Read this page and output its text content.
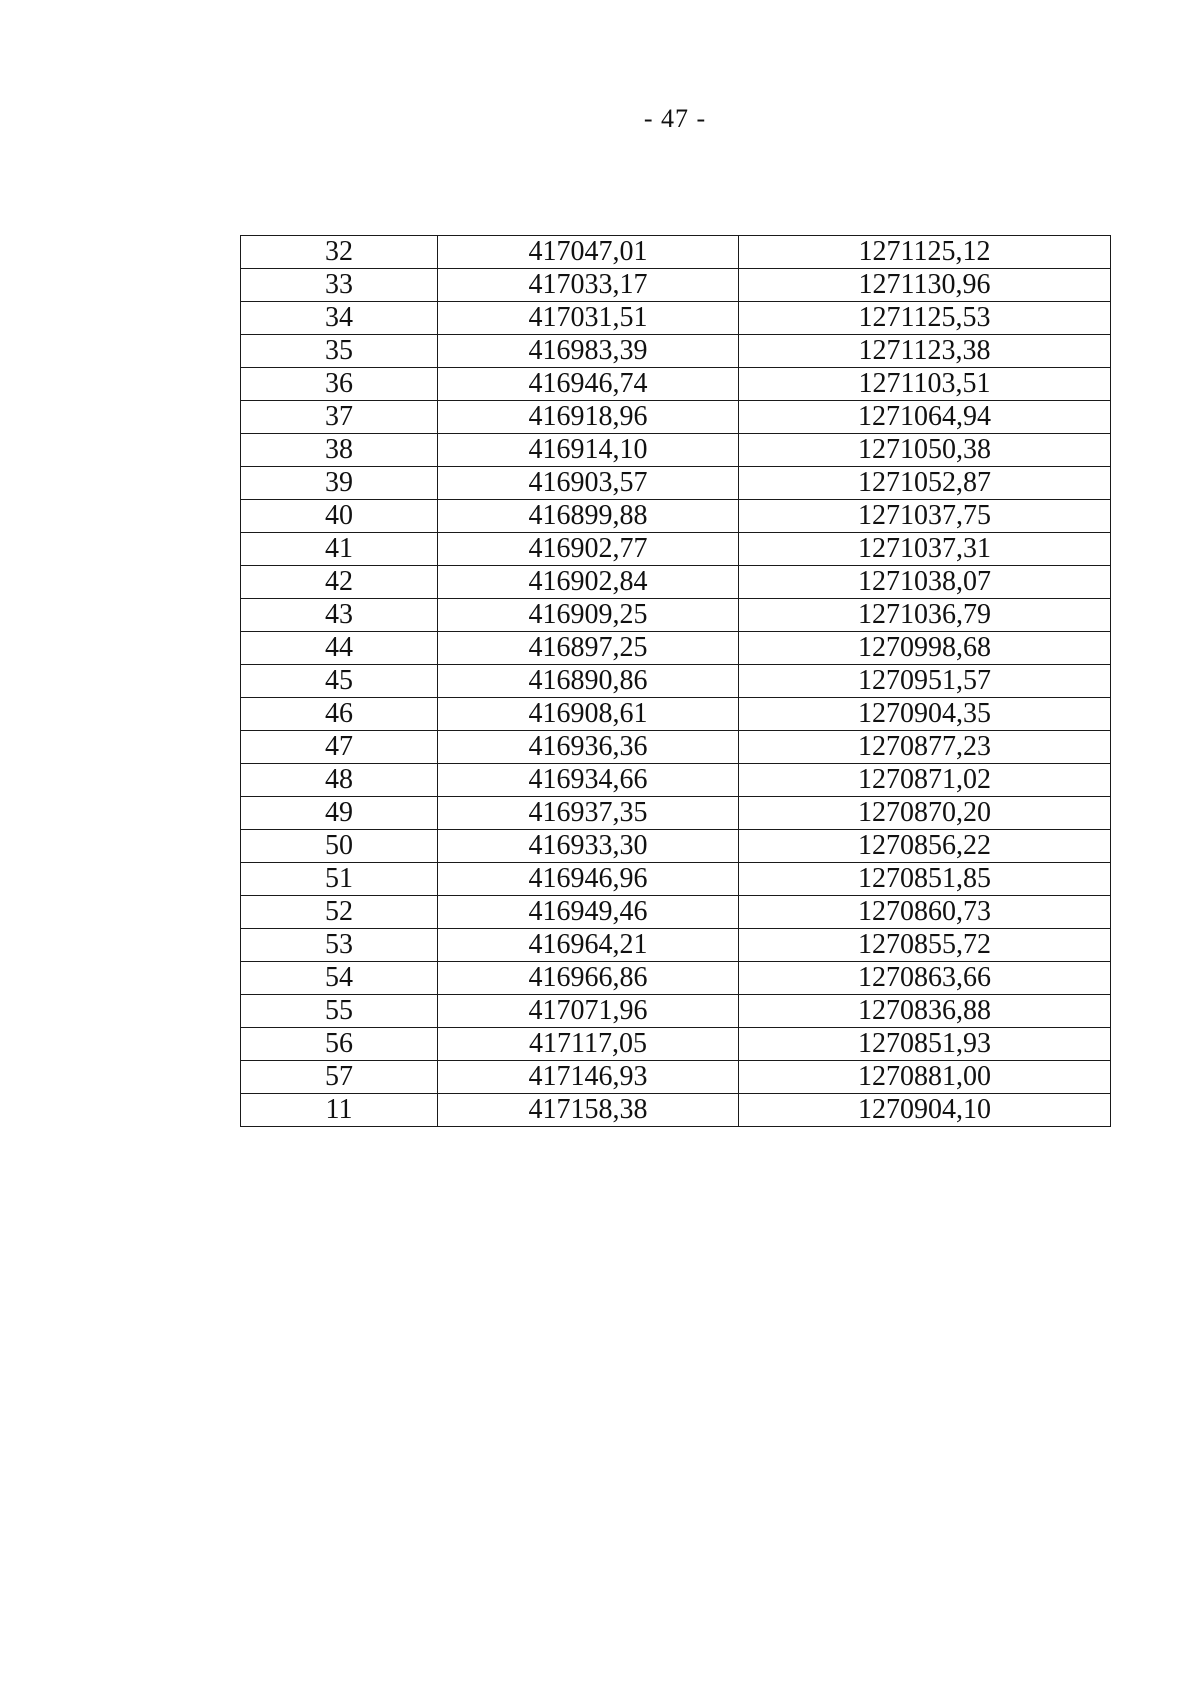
- 47 -
32	417047,01	1271125,12
33	417033,17	1271130,96
34	417031,51	1271125,53
35	416983,39	1271123,38
36	416946,74	1271103,51
37	416918,96	1271064,94
38	416914,10	1271050,38
39	416903,57	1271052,87
40	416899,88	1271037,75
41	416902,77	1271037,31
42	416902,84	1271038,07
43	416909,25	1271036,79
44	416897,25	1270998,68
45	416890,86	1270951,57
46	416908,61	1270904,35
47	416936,36	1270877,23
48	416934,66	1270871,02
49	416937,35	1270870,20
50	416933,30	1270856,22
51	416946,96	1270851,85
52	416949,46	1270860,73
53	416964,21	1270855,72
54	416966,86	1270863,66
55	417071,96	1270836,88
56	417117,05	1270851,93
57	417146,93	1270881,00
11	417158,38	1270904,10
